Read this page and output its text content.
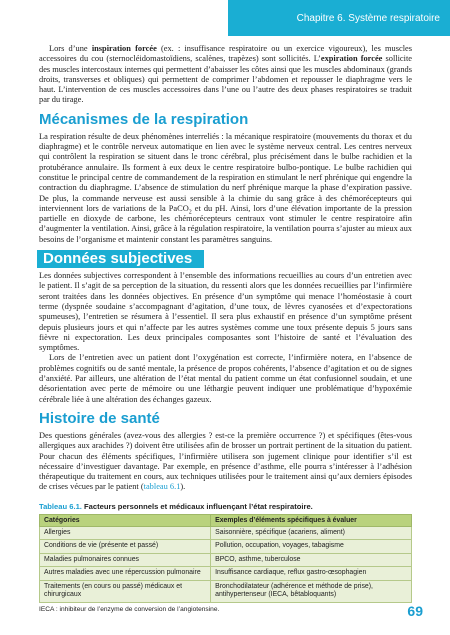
Chapitre 6. Système respiratoire

Lors d’une inspiration forcée (ex. : insuffisance respiratoire ou un exercice vigoureux), les muscles accessoires du cou (sternocléidomastoïdiens, scalènes, trapèzes) sont sollicités. L’expiration forcée sollicite des muscles intercostaux internes qui permettent d’abaisser les côtes ainsi que les muscles abdominaux (grands droits, transverses et obliques) qui permettent de comprimer l’abdomen et repousser le diaphragme vers le haut. L’intervention de ces muscles accessoires dans l’une ou l’autre des deux phases respiratoires se traduit par du tirage.

Mécanismes de la respiration

La respiration résulte de deux phénomènes interreliés : la mécanique respiratoire (mouvements du thorax et du diaphragme) et le contrôle nerveux automatique en lien avec le système nerveux central. Les centres nerveux qui contrôlent la respiration se situent dans le tronc cérébral, plus précisément dans le bulbe rachidien et la protubérance annulaire. Ils forment à eux deux le centre respiratoire bulbo-pontique. Le bulbe rachidien qui constitue le principal centre de commandement de la respiration en stimulant le nerf phrénique qui engendre la contraction du diaphragme. L’absence de stimulation du nerf phrénique marque la phase d’expiration passive. De plus, la commande nerveuse est aussi sensible à la chimie du sang grâce à des chémorécepteurs qui interviennent lors de variations de la PaCO$_2$ et du pH. Ainsi, lors d’une élévation importante de la pression partielle en dioxyde de carbone, les chémorécepteurs centraux vont stimuler le centre respiratoire afin d’augmenter la ventilation. Ainsi, grâce à la régulation respiratoire, la ventilation pourra s’ajuster au mieux aux besoins de l’organisme et maintenir constant les paramètres sanguins.

Données subjectives

Les données subjectives correspondent à l’ensemble des informations recueillies au cours d’un entretien avec le patient. Il s’agit de sa perception de la situation, du ressenti alors que les données recueillies par l’infirmière seront traitées dans les données objectives. En présence d’un symptôme qui menace l’homéostasie à court terme (dyspnée soudaine s’accompagnant d’agitation, d’une toux, de lèvres cyanosées et d’expectorations spumeuses), l’entretien se résumera à l’essentiel. Il sera plus exhaustif en présence d’un symptôme présent depuis plusieurs jours et qui n’affecte par les autres systèmes comme une toux présente depuis 5 jours sans fièvre ni expectoration. Les deux principales composantes sont l’histoire de santé et l’évaluation des symptômes.

Lors de l’entretien avec un patient dont l’oxygénation est correcte, l’infirmière notera, en l’absence de problèmes cognitifs ou de santé mentale, la présence de propos cohérents, l’absence d’agitation et ou de signes d’anxiété. Par ailleurs, une altération de l’état mental du patient comme un état confusionnel soudain, et une désorientation avec perte de mémoire ou une léthargie peuvent indiquer une problématique d’hypoxémie cérébrale liée à une altération des échanges gazeux.

Histoire de santé

Des questions générales (avez-vous des allergies ? est-ce la première occurrence ?) et spécifiques (êtes-vous allergiques aux arachides ?) doivent être utilisées afin de brosser un portrait pertinent de la situation du patient. Pour chacun des éléments spécifiques, l’infirmière utilisera son jugement clinique pour identifier s’il est nécessaire d’investiguer davantage. Par exemple, en présence d’asthme, elle pourra s’intéresser à l’adhésion thérapeutique du traitement en cours, aux techniques utilisées pour le traitement ainsi qu’aux derniers épisodes de crises vécues par le patient (tableau 6.1).

Tableau 6.1. Facteurs personnels et médicaux influençant l’état respiratoire.
Catégories	Exemples d’éléments spécifiques à évaluer
Allergies	Saisonnière, spécifique (acariens, aliment)
Conditions de vie (présente et passé)	Pollution, occupation, voyages, tabagisme
Maladies pulmonaires connues	BPCO, asthme, tuberculose
Autres maladies avec une répercussion pulmonaire	Insuffisance cardiaque, reflux gastro-œsophagien
Traitements (en cours ou passé) médicaux et chirurgicaux	Bronchodilatateur (adhérence et méthode de prise), antihypertenseur (IECA, bêtabloquants)
IECA : inhibiteur de l’enzyme de conversion de l’angiotensine.	69
